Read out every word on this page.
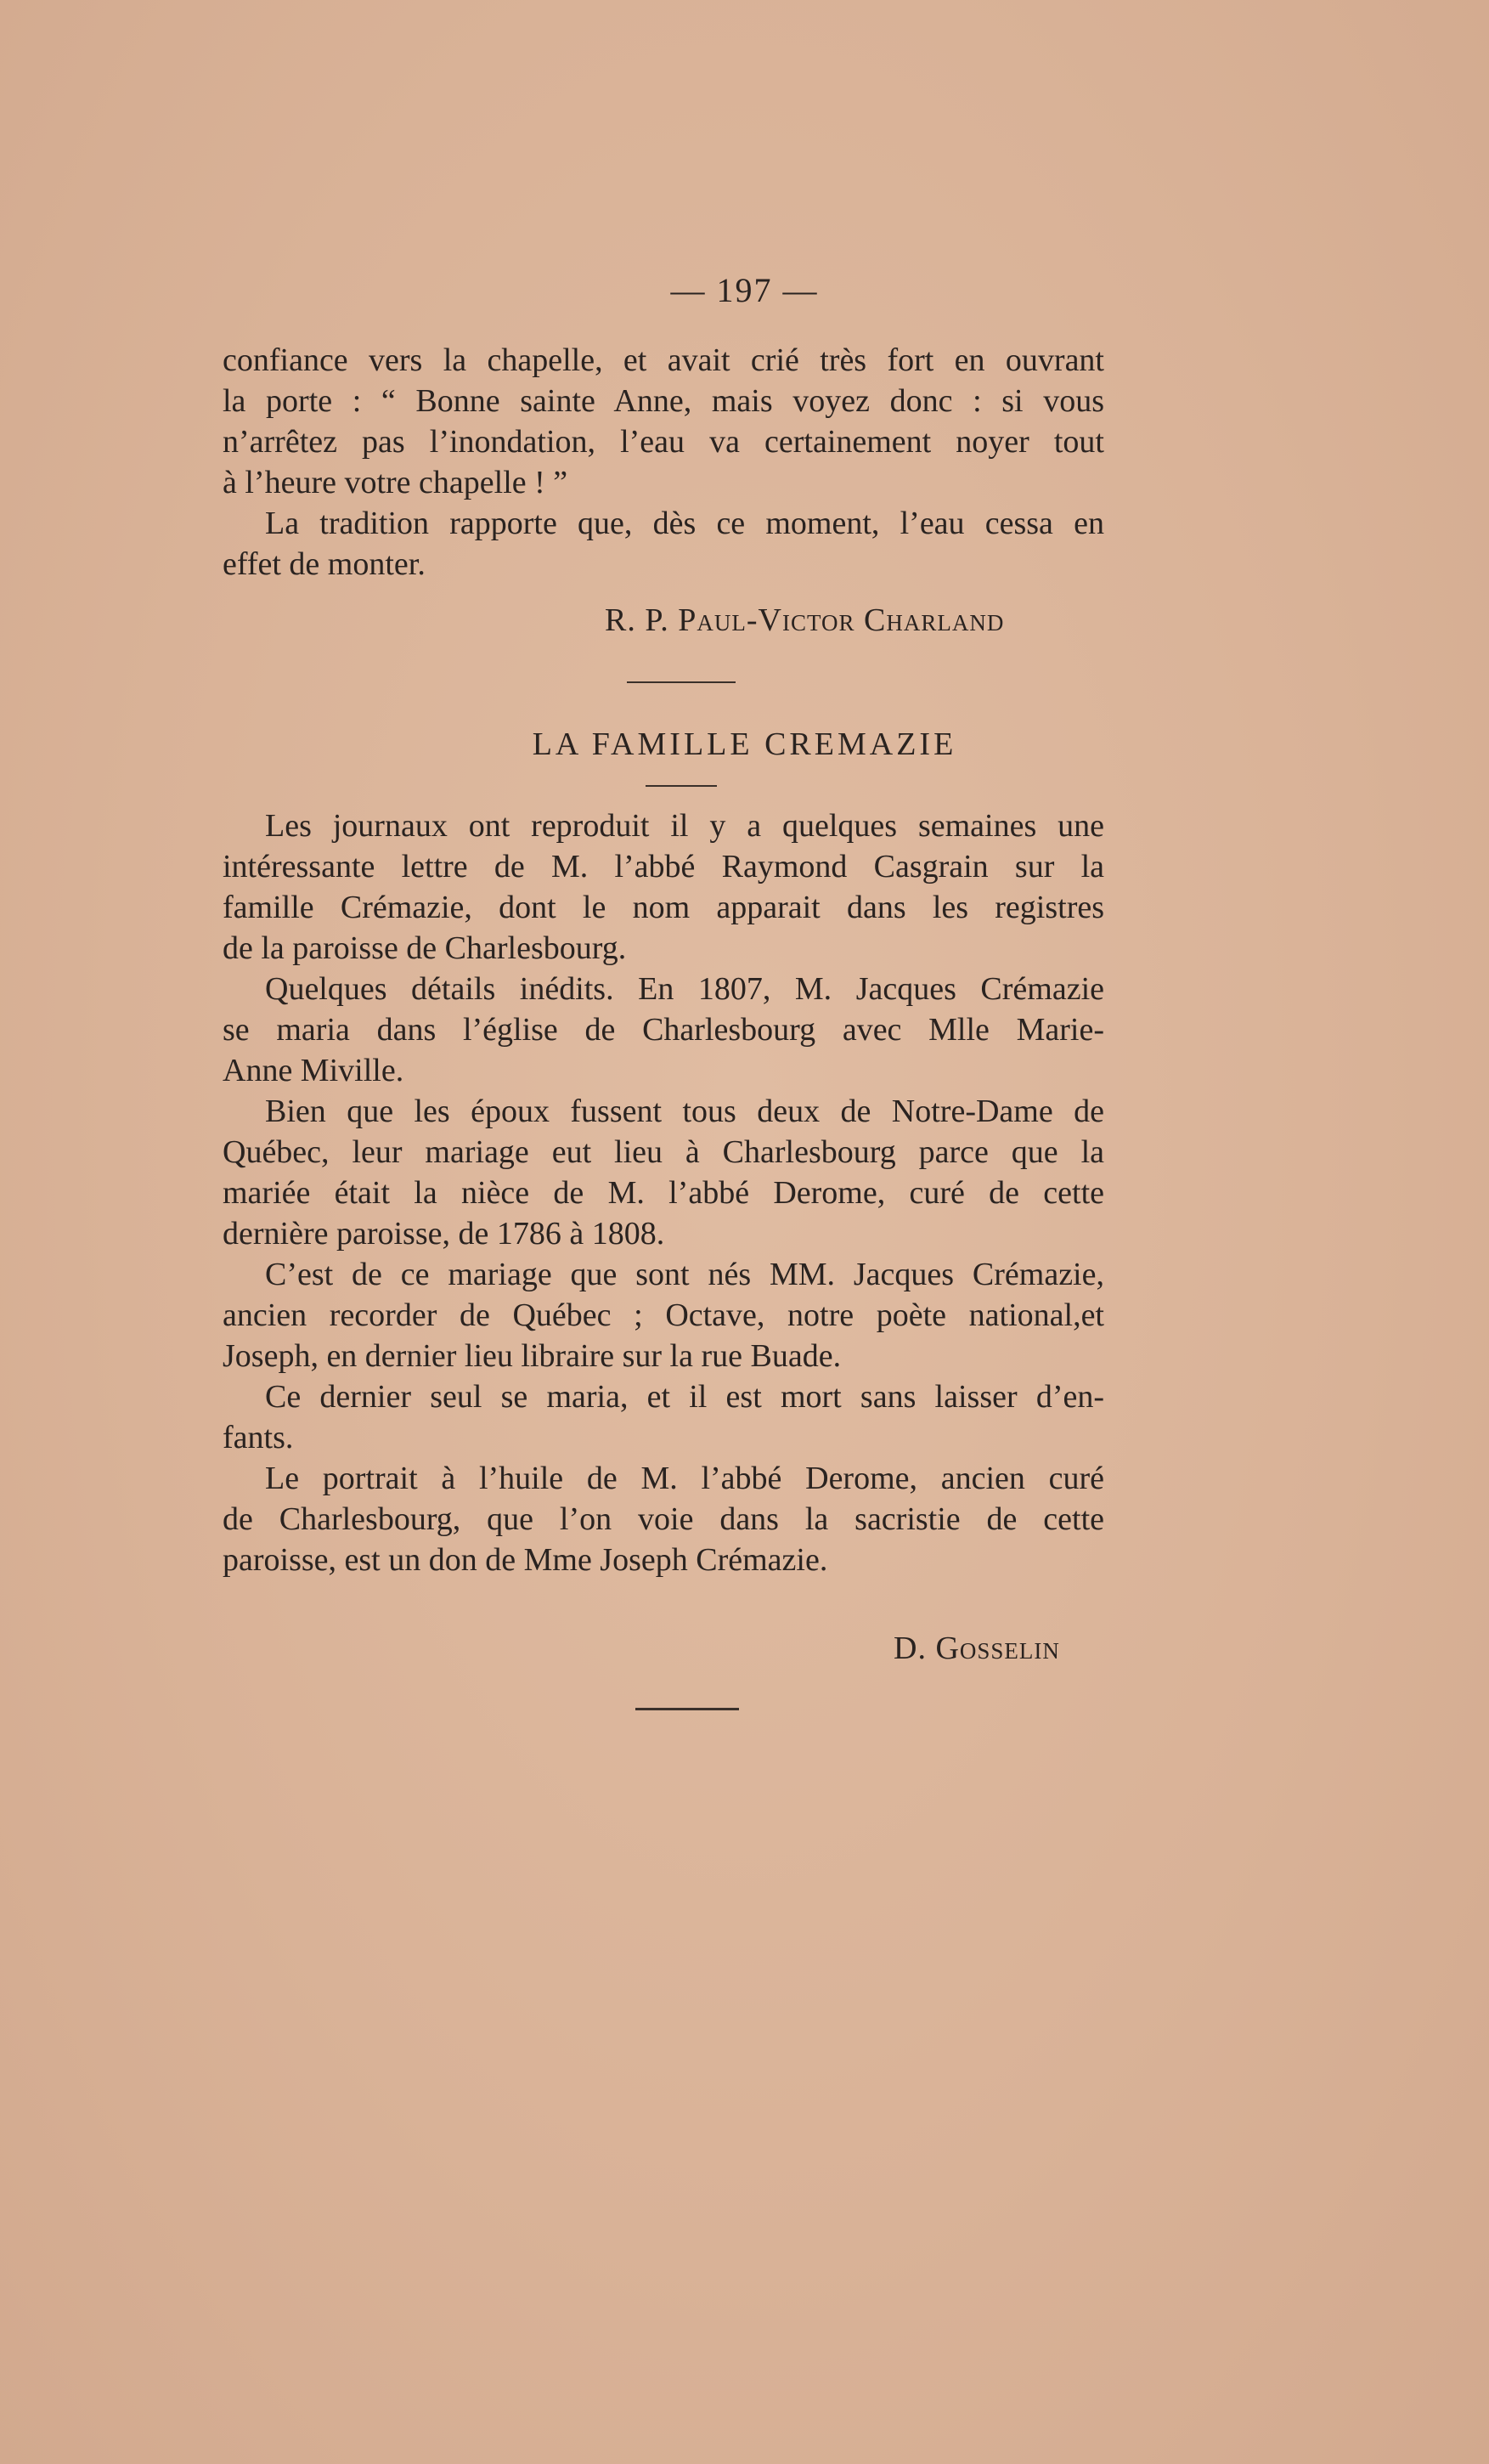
— 197 —
confiance vers la chapelle, et avait crié très fort en ouvrant
la porte : “ Bonne sainte Anne, mais voyez donc : si vous
n’arrêtez pas l’inondation, l’eau va certainement noyer tout
à l’heure votre chapelle ! ”
La tradition rapporte que, dès ce moment, l’eau cessa en
effet de monter.
R. P. Paul-Victor Charland
LA FAMILLE CREMAZIE
Les journaux ont reproduit il y a quelques semaines une
intéressante lettre de M. l’abbé Raymond Casgrain sur la
famille Crémazie, dont le nom apparait dans les registres
de la paroisse de Charlesbourg.
Quelques détails inédits. En 1807, M. Jacques Crémazie
se maria dans l’église de Charlesbourg avec Mlle Marie-
Anne Miville.
Bien que les époux fussent tous deux de Notre-Dame de
Québec, leur mariage eut lieu à Charlesbourg parce que la
mariée était la nièce de M. l’abbé Derome, curé de cette
dernière paroisse, de 1786 à 1808.
C’est de ce mariage que sont nés MM. Jacques Crémazie,
ancien recorder de Québec ; Octave, notre poète national,et
Joseph, en dernier lieu libraire sur la rue Buade.
Ce dernier seul se maria, et il est mort sans laisser d’en-
fants.
Le portrait à l’huile de M. l’abbé Derome, ancien curé
de Charlesbourg, que l’on voie dans la sacristie de cette
paroisse, est un don de Mme Joseph Crémazie.
D. Gosselin
